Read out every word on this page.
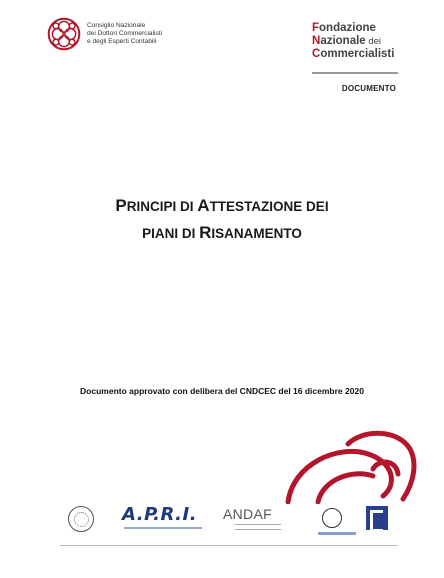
Consiglio Nazionale
dei Dottori Commercialisti
e degli Esperti Contabili
Fondazione
Nazionale dei
Commercialisti
DOCUMENTO
PRINCIPI DI ATTESTAZIONE DEI
PIANI DI RISANAMENTO
Documento approvato con delibera del CNDCEC del 16 dicembre 2020
A.P.R.I. ANDAF
